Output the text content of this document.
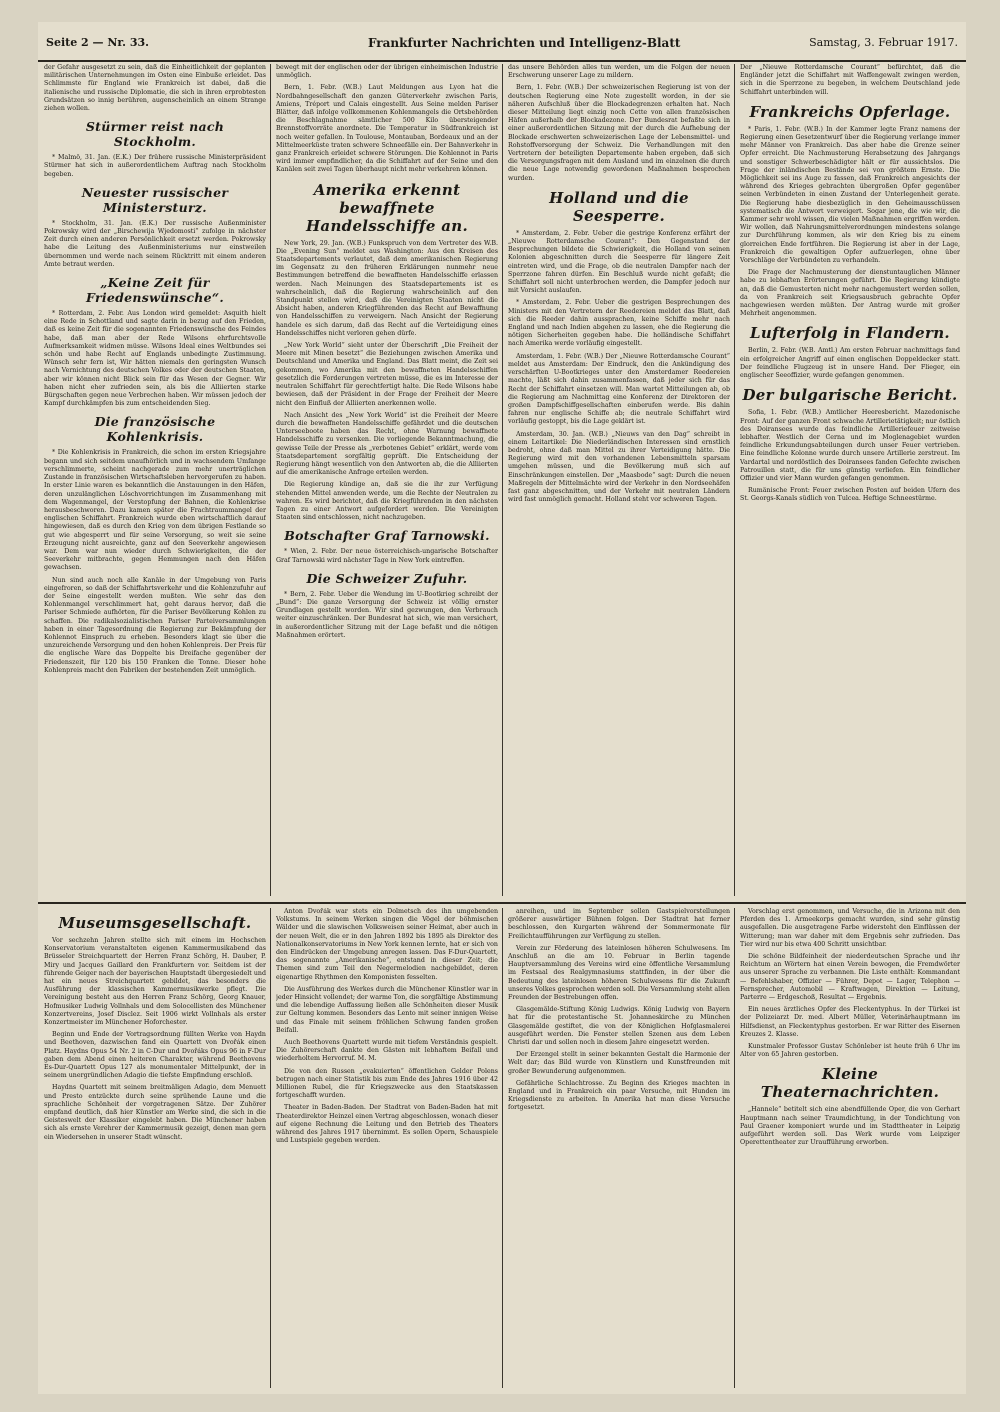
Seite 2 — Nr. 33.	Frankfurter Nachrichten und Intelligenz-Blatt	Samstag, 3. Februar 1917.

der Gefahr ausgesetzt zu sein, daß die Einheitlichkeit der geplanten militärischen Unternehmungen im Osten eine Einbuße erleidet. Das Schlimmste für England wie Frankreich ist dabei, daß die italienische und russische Diplomatie, die sich in ihren erprobtesten Grundsätzen so innig berühren, augenscheinlich an einem Strange ziehen wollen.

Stürmer reist nach Stockholm.

* Malmö, 31. Jan. (E.K.) Der frühere russische Ministerpräsident Stürmer hat sich in außerordentlichem Auftrag nach Stockholm begeben.

Neuester russischer Ministersturz.

* Stockholm, 31. Jan. (E.K.) Der russische Außenminister Pokrowsky wird der „Birschewija Wjedomosti“ zufolge in nächster Zeit durch einen anderen Persönlichkeit ersetzt werden. Pokrowsky habe die Leitung des Außenministeriums nur einstweilen übernommen und werde nach seinem Rücktritt mit einem anderen Amte betraut werden.

„Keine Zeit für Friedenswünsche“.

* Rotterdam, 2. Febr. Aus London wird gemeldet: Asquith hielt eine Rede in Schottland und sagte darin in bezug auf den Frieden, daß es keine Zeit für die sogenannten Friedenswünsche des Feindes habe, daß man aber der Rede Wilsons ehrfurchtsvolle Aufmerksamkeit widmen müsse. Wilsons Ideal eines Weltbundes sei schön und habe Recht auf Englands unbedingte Zustimmung. Wünsch sehr fern ist, Wir hätten niemals den geringsten Wunsch nach Vernichtung des deutschen Volkes oder der deutschen Staaten, aber wir können nicht Blick sein für das Wesen der Gegner. Wir haben nicht eher zufrieden sein, als bis die Alliierten starke Bürgschaften gegen neue Verbrechen haben. Wir müssen jedoch der Kampf durchkämpfen bis zum entscheidenden Sieg.

Die französische Kohlenkrisis.

* Die Kohlenkrisis in Frankreich, die schon im ersten Kriegsjahre begann und sich seitdem unaufhörlich und in wachsendem Umfange verschlimmerte, scheint nachgerade zum mehr unerträglichen Zustande in französischen Wirtschaftsleben hervorgerufen zu haben. In erster Linie waren es bekanntlich die Anstauungen in den Häfen, deren unzulänglichen Löschvorrichtungen im Zusammenhang mit dem Wagenmangel, der Verstopfung der Bahnen, die Kohlenkrise herausbeschworen. Dazu kamen später die Frachtraummangel der englischen Schiffahrt. Frankreich wurde eben wirtschaftlich darauf hingewiesen, daß es durch den Krieg von dem übrigen Festlande so gut wie abgesperrt und für seine Versorgung, so weit sie seine Erzeugung nicht ausreichte, ganz auf den Seeverkehr angewiesen war. Dem war nun wieder durch Schwierigkeiten, die der Seeverkehr mitbrachte, gegen Hemmungen nach den Häfen gewachsen.

Nun sind auch noch alle Kanäle in der Umgebung von Paris eingefroren, so daß der Schiffahrtsverkehr und die Kohlenzufuhr auf der Seine eingestellt werden mußten. Wie sehr das den Kohlenmangel verschlimmert hat, geht daraus hervor, daß die Pariser Schmiede aufhörten, für die Pariser Bevölkerung Kohlen zu schaffen. Die radikalsozialistischen Pariser Parteiversammlungen haben in einer Tagesordnung die Regierung zur Bekämpfung der Kohlennot Einspruch zu erheben. Besonders klagt sie über die unzureichende Versorgung und den hohen Kohlenpreis. Der Preis für die englische Ware das Doppelte bis Dreifache gegenüber der Friedenszeit, für 120 bis 150 Franken die Tonne. Dieser hohe Kohlenpreis macht den Fabriken der bestehenden Zeit unmöglich.

bewegt mit der englischen oder der übrigen einheimischen Industrie unmöglich.

Bern, 1. Febr. (W.B.) Laut Meldungen aus Lyon hat die Nordbahngesellschaft den ganzen Güterverkehr zwischen Paris, Amiens, Tréport und Calais eingestellt. Aus Seine melden Pariser Blätter, daß infolge vollkommenen Kohlenmangels die Ortsbehörden die Beschlagnahme sämtlicher 500 Kilo übersteigender Brennstoffvorräte anordnete. Die Temperatur in Südfrankreich ist noch weiter gefallen. In Toulouse, Montauban, Bordeaux und an der Mittelmeerküste traten schwere Schneefälle ein. Der Bahnverkehr in ganz Frankreich erleidet schwere Störungen. Die Kohlennot in Paris wird immer empfindlicher, da die Schiffahrt auf der Seine und den Kanälen seit zwei Tagen überhaupt nicht mehr verkehren können.

Amerika erkennt bewaffnete Handelsschiffe an.

New York, 29. Jan. (W.B.) Funkspruch von dem Vertreter des W.B. Die „Evening Sun“ meldet aus Washington: Aus den Kreisen des Staatsdepartements verlautet, daß dem amerikanischen Regierung im Gegensatz zu den früheren Erklärungen nunmehr neue Bestimmungen betreffend die bewaffneten Handelsschiffe erlassen werden. Nach Meinungen des Staatsdepartements ist es wahrscheinlich, daß die Regierung wahrscheinlich auf den Standpunkt stellen wird, daß die Vereinigten Staaten nicht die Absicht haben, anderen Kriegführenden das Recht auf Bewaffnung von Handelsschiffen zu verweigern. Nach Ansicht der Regierung handele es sich darum, daß das Recht auf die Verteidigung eines Handelsschiffes nicht verloren gehen dürfe.

„New York World“ sieht unter der Überschrift „Die Freiheit der Meere mit Minen besetzt“ die Beziehungen zwischen Amerika und Deutschland und Amerika und England. Das Blatt meint, die Zeit sei gekommen, wo Amerika mit den bewaffneten Handelsschiffen gesetzlich die Forderungen vertreten müsse, die es im Interesse der neutralen Schiffahrt für gerechtfertigt halte. Die Rede Wilsons habe bewiesen, daß der Präsident in der Frage der Freiheit der Meere nicht den Einfluß der Alliierten anerkennen wolle.

Nach Ansicht des „New York World“ ist die Freiheit der Meere durch die bewaffneten Handelsschiffe gefährdet und die deutschen Unterseeboote haben das Recht, ohne Warnung bewaffnete Handelsschiffe zu versenken. Die vorliegende Bekanntmachung, die gewisse Teile der Presse als „verbotenes Gebiet“ erklärt, werde vom Staatsdepartement sorgfältig geprüft. Die Entscheidung der Regierung hängt wesentlich von den Antworten ab, die die Alliierten auf die amerikanische Anfrage erteilen werden.

Die Regierung kündige an, daß sie die ihr zur Verfügung stehenden Mittel anwenden werde, um die Rechte der Neutralen zu wahren. Es wird berichtet, daß die Kriegführenden in den nächsten Tagen zu einer Antwort aufgefordert werden. Die Vereinigten Staaten sind entschlossen, nicht nachzugeben.

Botschafter Graf Tarnowski.

* Wien, 2. Febr. Der neue österreichisch-ungarische Botschafter Graf Tarnowski wird nächster Tage in New York eintreffen.

Die Schweizer Zufuhr.

* Bern, 2. Febr. Ueber die Wendung im U-Bootkrieg schreibt der „Bund“: Die ganze Versorgung der Schweiz ist völlig ernster Grundlagen gestellt worden. Wir sind gezwungen, den Verbrauch weiter einzuschränken. Der Bundesrat hat sich, wie man versichert, in außerordentlicher Sitzung mit der Lage befaßt und die nötigen Maßnahmen erörtert.

das unsere Behörden alles tun werden, um die Folgen der neuen Erschwerung unserer Lage zu mildern.

Bern, 1. Febr. (W.B.) Der schweizerischen Regierung ist von der deutschen Regierung eine Note zugestellt worden, in der sie näheren Aufschluß über die Blockadegrenzen erhalten hat. Nach dieser Mitteilung liegt einzig noch Cette von allen französischen Häfen außerhalb der Blockadezone. Der Bundesrat befaßte sich in einer außerordentlichen Sitzung mit der durch die Aufhebung der Blockade erschwerten schweizerischen Lage der Lebensmittel- und Rohstoffversorgung der Schweiz. Die Verhandlungen mit den Vertretern der beteiligten Departemente haben ergeben, daß sich die Versorgungsfragen mit dem Ausland und im einzelnen die durch die neue Lage notwendig gewordenen Maßnahmen besprochen wurden.

Holland und die Seesperre.

* Amsterdam, 2. Febr. Ueber die gestrige Konferenz erfährt der „Nieuwe Rotterdamsche Courant“: Den Gegenstand der Besprechungen bildete die Schwierigkeit, die Holland von seinen Kolonien abgeschnitten durch die Seesperre für längere Zeit eintreten wird, und die Frage, ob die neutralen Dampfer nach der Sperrzone fahren dürfen. Ein Beschluß wurde nicht gefaßt; die Schiffahrt soll nicht unterbrochen werden, die Dampfer jedoch nur mit Vorsicht auslaufen.

* Amsterdam, 2. Febr. Ueber die gestrigen Besprechungen des Ministers mit den Vertretern der Reedereien meldet das Blatt, daß sich die Reeder dahin aussprachen, keine Schiffe mehr nach England und nach Indien abgehen zu lassen, ehe die Regierung die nötigen Sicherheiten gegeben habe. Die holländische Schiffahrt nach Amerika werde vorläufig eingestellt.

Amsterdam, 1. Febr. (W.B.) Der „Nieuwe Rotterdamsche Courant“ meldet aus Amsterdam: Der Eindruck, den die Ankündigung des verschärften U-Bootkrieges unter den Amsterdamer Reedereien machte, läßt sich dahin zusammenfassen, daß jeder sich für das Recht der Schiffahrt einsetzen will. Man wartet Mitteilungen ab, ob die Regierung am Nachmittag eine Konferenz der Direktoren der großen Dampfschiffgesellschaften einberufen werde. Bis dahin fahren nur englische Schiffe ab; die neutrale Schiffahrt wird vorläufig gestoppt, bis die Lage geklärt ist.

Amsterdam, 30. Jan. (W.B.) „Nieuws van den Dag“ schreibt in einem Leitartikel: Die Niederländischen Interessen sind ernstlich bedroht, ohne daß man Mittel zu ihrer Verteidigung hätte. Die Regierung wird mit den vorhandenen Lebensmitteln sparsam umgehen müssen, und die Bevölkerung muß sich auf Einschränkungen einstellen. Der „Maasbode“ sagt: Durch die neuen Maßregeln der Mittelmächte wird der Verkehr in den Nordseehäfen fast ganz abgeschnitten, und der Verkehr mit neutralen Ländern wird fast unmöglich gemacht. Holland steht vor schweren Tagen.

Der „Nieuwe Rotterdamsche Courant“ befürchtet, daß die Engländer jetzt die Schiffahrt mit Waffengewalt zwingen werden, sich in die Sperrzone zu begeben, in welchem Deutschland jede Schiffahrt unterbinden will.

Frankreichs Opferlage.

* Paris, 1. Febr. (W.B.) In der Kammer legte Franz namens der Regierung einen Gesetzentwurf über die Regierung verlange immer mehr Männer von Frankreich. Das aber habe die Grenze seiner Opfer erreicht. Die Nachmusterung Herabsetzung des Jahrgangs und sonstiger Schwerbeschädigter hält er für aussichtslos. Die Frage der inländischen Bestände sei von größtem Ernste. Die Möglichkeit sei ins Auge zu fassen, daß Frankreich angesichts der während des Krieges gebrachten übergroßen Opfer gegenüber seinen Verbündeten in einen Zustand der Unterlegenheit gerate. Die Regierung habe diesbezüglich in den Geheimausschüssen systematisch die Antwort verweigert. Sogar jene, die wie wir, die Kammer sehr wohl wissen, die vielen Maßnahmen ergriffen werden. Wir wollen, daß Nahrungsmittelverordnungen mindestens solange zur Durchführung kommen, als wir den Krieg bis zu einem glorreichen Ende fortführen. Die Regierung ist aber in der Lage, Frankreich die gewaltigen Opfer aufzuerlegen, ohne über Vorschläge der Verbündeten zu verhandeln.

Die Frage der Nachmusterung der dienstuntauglichen Männer habe zu lebhaften Erörterungen geführt. Die Regierung kündigte an, daß die Gemusterten nicht mehr nachgemustert werden sollen, da von Frankreich seit Kriegsausbruch gebrachte Opfer nachgewiesen werden müßten. Der Antrag wurde mit großer Mehrheit angenommen.

Lufterfolg in Flandern.

Berlin, 2. Febr. (W.B. Amtl.) Am ersten Februar nachmittags fand ein erfolgreicher Angriff auf einen englischen Doppeldecker statt. Der feindliche Flugzeug ist in unsere Hand. Der Flieger, ein englischer Seeoffizier, wurde gefangen genommen.

Der bulgarische Bericht.

Sofia, 1. Febr. (W.B.) Amtlicher Heeresbericht. Mazedonische Front: Auf der ganzen Front schwache Artillerietätigkeit; nur östlich des Doiransees wurde das feindliche Artilleriefeuer zeitweise lebhafter. Westlich der Cerna und im Moglenagebiet wurden feindliche Erkundungsabteilungen durch unser Feuer vertrieben. Eine feindliche Kolonne wurde durch unsere Artillerie zerstreut. Im Vardartal und nordöstlich des Doiransees fanden Gefechte zwischen Patrouillen statt, die für uns günstig verliefen. Ein feindlicher Offizier und vier Mann wurden gefangen genommen.

Rumänische Front: Feuer zwischen Posten auf beiden Ufern des St. Georgs-Kanals südlich von Tulcea. Heftige Schneestürme.

Museumsgesellschaft.

Vor sechzehn Jahren stellte sich mit einem im Hochschen Konservatorium veranstalteten eigenen Kammermusikabend das Brüsseler Streichquartett der Herren Franz Schörg, H. Dauber, P. Miry und Jacques Gaillard den Frankfurtern vor. Seitdem ist der führende Geiger nach der bayerischen Hauptstadt übergesiedelt und hat ein neues Streichquartett gebildet, das besonders die Ausführung der klassischen Kammermusikwerke pflegt. Die Vereinigung besteht aus den Herren Franz Schörg, Georg Knauer, Hofmusiker Ludwig Vollnhals und dem Solocellisten des Münchener Konzertvereins, Josef Disclez. Seit 1906 wirkt Vollnhals als erster Konzertmeister im Münchener Hoforchester.

Beginn und Ende der Vortragsordnung füllten Werke von Haydn und Beethoven, dazwischen fand ein Quartett von Dvořák einen Platz. Haydns Opus 54 Nr. 2 in C-Dur und Dvořáks Opus 96 in F-Dur gaben dem Abend einen heiteren Charakter, während Beethovens Es-Dur-Quartett Opus 127 als monumentaler Mittelpunkt, der in seinem unergründlichen Adagio die tiefste Empfindung erschloß.

Haydns Quartett mit seinem breitmäligen Adagio, dem Menuett und Presto entzückte durch seine sprühende Laune und die sprachliche Schönheit der vorgetragenen Sätze. Der Zuhörer empfand deutlich, daß hier Künstler am Werke sind, die sich in die Geisteswelt der Klassiker eingelebt haben. Die Münchener haben sich als ernste Verehrer der Kammermusik gezeigt, denen man gern ein Wiedersehen in unserer Stadt wünscht.

Anton Dvořák war stets ein Dolmetsch des ihn umgebenden Volkstums. In seinem Werken singen die Vögel der böhmischen Wälder und die slawischen Volksweisen seiner Heimat, aber auch in der neuen Welt, die er in den Jahren 1892 bis 1895 als Direktor des Nationalkonservatoriums in New York kennen lernte, hat er sich von den Eindrücken der Umgebung anregen lassen. Das F-Dur-Quartett, das sogenannte „Amerikanische“, entstand in dieser Zeit; die Themen sind zum Teil den Negermelodien nachgebildet, deren eigenartige Rhythmen den Komponisten fesselten.

Die Ausführung des Werkes durch die Münchener Künstler war in jeder Hinsicht vollendet; der warme Ton, die sorgfältige Abstimmung und die lebendige Auffassung ließen alle Schönheiten dieser Musik zur Geltung kommen. Besonders das Lento mit seiner innigen Weise und das Finale mit seinem fröhlichen Schwung fanden großen Beifall.

Auch Beethovens Quartett wurde mit tiefem Verständnis gespielt. Die Zuhörerschaft dankte den Gästen mit lebhaftem Beifall und wiederholtem Hervorruf. M. M.

Die von den Russen „evakuierten“ öffentlichen Gelder Polens betrugen nach einer Statistik bis zum Ende des Jahres 1916 über 42 Millionen Rubel, die für Kriegszwecke aus den Staatskassen fortgeschafft wurden.

Theater in Baden-Baden. Der Stadtrat von Baden-Baden hat mit Theaterdirektor Heinzel einen Vertrag abgeschlossen, wonach dieser auf eigene Rechnung die Leitung und den Betrieb des Theaters während des Jahres 1917 übernimmt. Es sollen Opern, Schauspiele und Lustspiele gegeben werden.

anreihen, und im September sollen Gastspielvorstellungen größerer auswärtiger Bühnen folgen. Der Stadtrat hat ferner beschlossen, den Kurgarten während der Sommermonate für Freilichtaufführungen zur Verfügung zu stellen.

Verein zur Förderung des lateinlosen höheren Schulwesens. Im Anschluß an die am 10. Februar in Berlin tagende Hauptversammlung des Vereins wird eine öffentliche Versammlung im Festsaal des Realgymnasiums stattfinden, in der über die Bedeutung des lateinlosen höheren Schulwesens für die Zukunft unseres Volkes gesprochen werden soll. Die Versammlung steht allen Freunden der Bestrebungen offen.

Glasgemälde-Stiftung König Ludwigs. König Ludwig von Bayern hat für die protestantische St. Johanneskirche zu München Glasgemälde gestiftet, die von der Königlichen Hofglasmalerei ausgeführt werden. Die Fenster stellen Szenen aus dem Leben Christi dar und sollen noch in diesem Jahre eingesetzt werden.

Der Erzengel stellt in seiner bekannten Gestalt die Harmonie der Welt dar; das Bild wurde von Künstlern und Kunstfreunden mit großer Bewunderung aufgenommen.

Gefährliche Schlachtrosse. Zu Beginn des Krieges machten in England und in Frankreich ein paar Versuche, mit Hunden im Kriegsdienste zu arbeiten. In Amerika hat man diese Versuche fortgesetzt.

Vorschlag erst genommen, und Versuche, die in Arizona mit den Pferden des 1. Armeekorps gemacht wurden, sind sehr günstig ausgefallen. Die ausgetragene Farbe widersteht den Einflüssen der Witterung; man war daher mit dem Ergebnis sehr zufrieden. Das Tier wird nur bis etwa 400 Schritt unsichtbar.

Die schöne Bildfeinheit der niederdeutschen Sprache und ihr Reichtum an Wörtern hat einen Verein bewogen, die Fremdwörter aus unserer Sprache zu verbannen. Die Liste enthält: Kommandant — Befehlshaber, Offizier — Führer, Depot — Lager, Telephon — Fernsprecher, Automobil — Kraftwagen, Direktion — Leitung, Parterre — Erdgeschoß, Resultat — Ergebnis.

Ein neues ärztliches Opfer des Fleckentyphus. In der Türkei ist der Polizeiarzt Dr. med. Albert Müller, Veterinärhauptmann im Hilfsdienst, an Fleckentyphus gestorben. Er war Ritter des Eisernen Kreuzes 2. Klasse.

Kunstmaler Professor Gustav Schönleber ist heute früh 6 Uhr im Alter von 65 Jahren gestorben.

Kleine Theaternachrichten.

„Hannele“ betitelt sich eine abendfüllende Oper, die von Gerhart Hauptmann nach seiner Traumdichtung, in der Tondichtung von Paul Graener komponiert wurde und im Stadttheater in Leipzig aufgeführt werden soll. Das Werk wurde vom Leipziger Operettentheater zur Uraufführung erworben.
